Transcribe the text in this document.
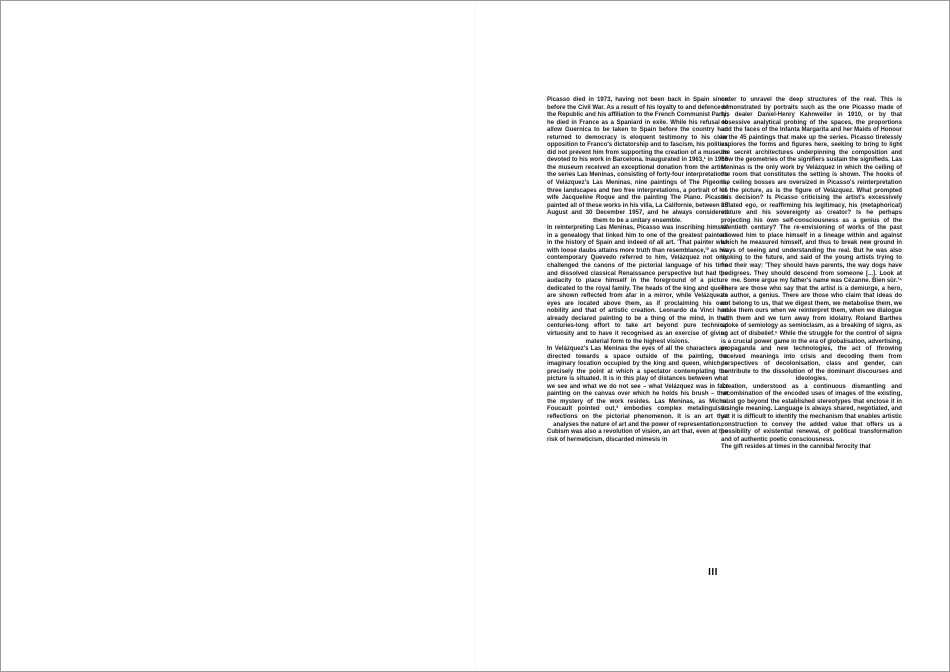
Picasso died in 1973, having not been back in Spain since before the Civil War. As a result of his loyalty to and defence of the Republic and his affiliation to the French Communist Party, he died in France as a Spaniard in exile. While his refusal to allow Guernica to be taken to Spain before the country had returned to democracy is eloquent testimony to his clear opposition to Franco's dictatorship and to fascism, his politics did not prevent him from supporting the creation of a museum devoted to his work in Barcelona. Inaugurated in 1963,¹ in 1968 the museum received an exceptional donation from the artist: the series Las Meninas, consisting of forty-four interpretations of Velázquez's Las Meninas, nine paintings of The Pigeons, three landscapes and two free interpretations, a portrait of his wife Jacqueline Roque and the painting The Piano. Picasso painted all of these works in his villa, La Californie, between 15 August and 30 December 1957, and he always considered them to be a unitary ensemble.

In reinterpreting Las Meninas, Picasso was inscribing himself in a genealogy that linked him to one of the greatest painters in the history of Spain and indeed of all art. 'That painter who with loose daubs attains more truth than resemblance,'² as his contemporary Quevedo referred to him, Velázquez not only challenged the canons of the pictorial language of his time and dissolved classical Renaissance perspective but had the audacity to place himself in the foreground of a picture dedicated to the royal family. The heads of the king and queen are shown reflected from afar in a mirror, while Velázquez's eyes are located above them, as if proclaiming his own nobility and that of artistic creation. Leonardo da Vinci had already declared painting to be a thing of the mind, in that centuries-long effort to take art beyond pure technical virtuosity and to have it recognised as an exercise of giving material form to the highest visions.

In Velázquez's Las Meninas the eyes of all the characters are directed towards a space outside of the painting, the imaginary location occupied by the king and queen, which is precisely the point at which a spectator contemplating the picture is situated. It is in this play of distances between what we see and what we do not see – what Velázquez was in fact painting on the canvas over which he holds his brush – that the mystery of the work resides. Las Meninas, as Michel Foucault pointed out,³ embodies complex metalinguistic reflections on the pictorial phenomenon. It is an art that analyses the nature of art and the power of representation.

Cubism was also a revolution of vision, an art that, even at the risk of hermeticism, discarded mimesis in

order to unravel the deep structures of the real. This is demonstrated by portraits such as the one Picasso made of his dealer Daniel-Henry Kahnweiler in 1910, or by that obsessive analytical probing of the spaces, the proportions and the faces of the Infanta Margarita and her Maids of Honour in the 45 paintings that make up the series. Picasso tirelessly explores the forms and figures here, seeking to bring to light the secret architectures underpinning the composition and how the geometries of the signifiers sustain the signifieds. Las Meninas is the only work by Velázquez in which the ceiling of the room that constitutes the setting is shown. The hooks of the ceiling bosses are oversized in Picasso's reinterpretation of the picture, as is the figure of Velázquez. What prompted this decision? Is Picasso criticising the artist's excessively inflated ego, or reaffirming his legitimacy, his (metaphorical) stature and his sovereignty as creator? Is he perhaps projecting his own self-consciousness as a genius of the twentieth century? The re-envisioning of works of the past allowed him to place himself in a lineage within and against which he measured himself, and thus to break new ground in ways of seeing and understanding the real. But he was also looking to the future, and said of the young artists trying to find their way: 'They should have parents, the way dogs have pedigrees. They should descend from someone [...]. Look at me. Some argue my father's name was Cézanne. Bien sûr.'⁴

There are those who say that the artist is a demiurge, a hero, an author, a genius. There are those who claim that ideas do not belong to us, that we digest them, we metabolise them, we make them ours when we reinterpret them, when we dialogue with them and we turn away from idolatry. Roland Barthes spoke of semiology as semioclasm, as a breaking of signs, as an act of disbelief.⁵ While the struggle for the control of signs is a crucial power game in the era of globalisation, advertising, propaganda and new technologies, the act of throwing received meanings into crisis and decoding them from perspectives of decolonisation, class and gender, can contribute to the dissolution of the dominant discourses and ideologies.

Creation, understood as a continuous dismantling and recombination of the encoded uses of images of the existing, must go beyond the established stereotypes that enclose it in a single meaning. Language is always shared, negotiated, and yet it is difficult to identify the mechanism that enables artistic construction to convey the added value that offers us a possibility of existential renewal, of political transformation and of authentic poetic consciousness.

The gift resides at times in the cannibal ferocity that

III
